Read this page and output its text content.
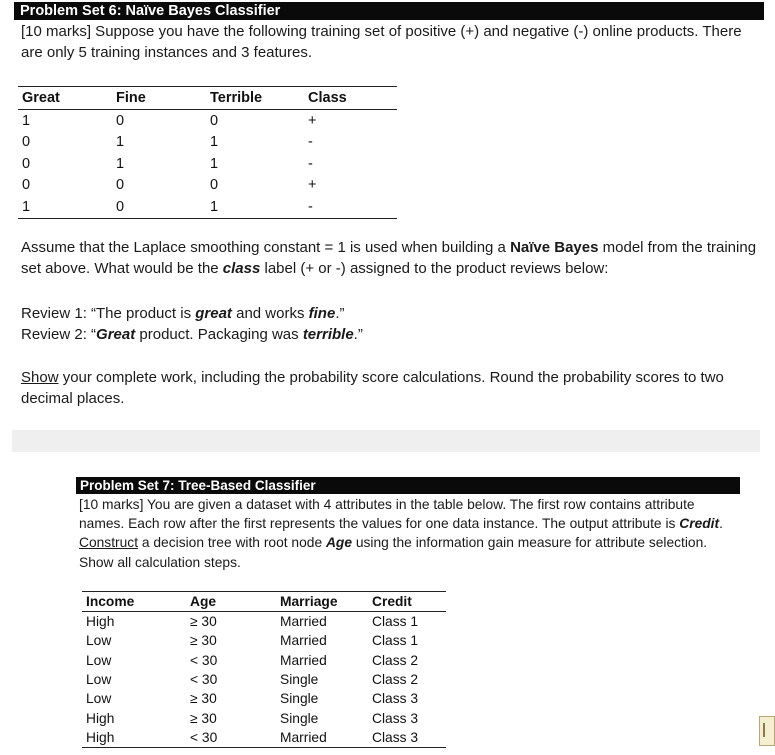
Problem Set 6: Naïve Bayes Classifier
[10 marks] Suppose you have the following training set of positive (+) and negative (-) online products. There are only 5 training instances and 3 features.
Great	Fine	Terrible	Class
1	0	0	+
0	1	1	-
0	1	1	-
0	0	0	+
1	0	1	-
Assume that the Laplace smoothing constant = 1 is used when building a Naïve Bayes model from the training set above. What would be the class label (+ or -) assigned to the product reviews below:
Review 1: “The product is great and works fine.”
Review 2: “Great product. Packaging was terrible.”
Show your complete work, including the probability score calculations. Round the probability scores to two decimal places.
Problem Set 7: Tree-Based Classifier
[10 marks] You are given a dataset with 4 attributes in the table below. The first row contains attribute names. Each row after the first represents the values for one data instance. The output attribute is Credit. Construct a decision tree with root node Age using the information gain measure for attribute selection. Show all calculation steps.
Income	Age	Marriage	Credit
High	≥ 30	Married	Class 1
Low	≥ 30	Married	Class 1
Low	< 30	Married	Class 2
Low	< 30	Single	Class 2
Low	≥ 30	Single	Class 3
High	≥ 30	Single	Class 3
High	< 30	Married	Class 3
